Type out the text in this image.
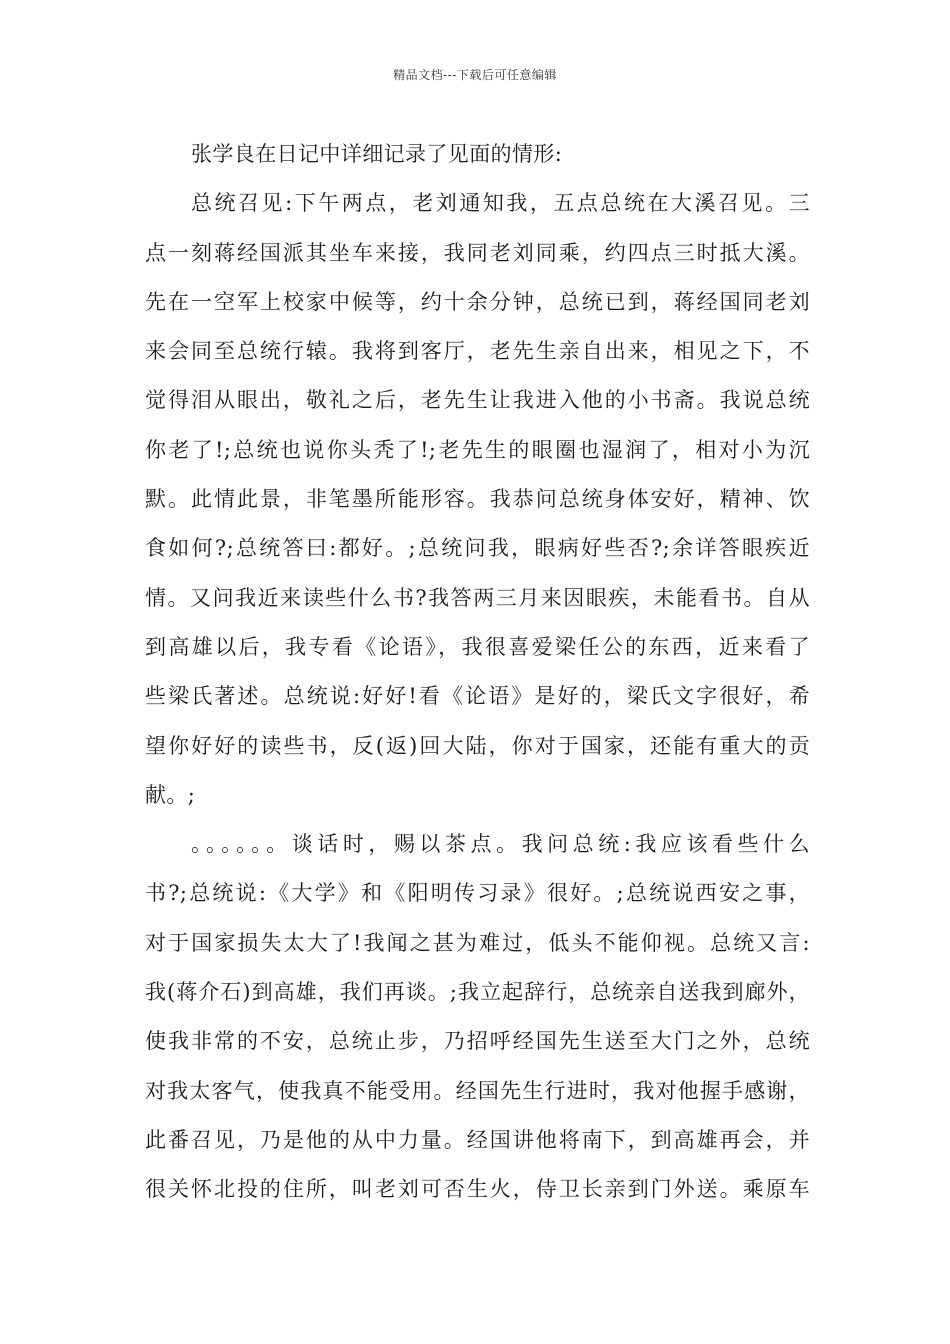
精品文档---下载后可任意编辑
张学良在日记中详细记录了见面的情形:
总统召见:下午两点，老刘通知我，五点总统在大溪召见。三
点一刻蒋经国派其坐车来接，我同老刘同乘，约四点三时抵大溪。
先在一空军上校家中候等，约十余分钟，总统已到，蒋经国同老刘
来会同至总统行辕。我将到客厅，老先生亲自出来，相见之下，不
觉得泪从眼出，敬礼之后，老先生让我进入他的小书斋。我说总统
你老了!;总统也说你头秃了!;老先生的眼圈也湿润了，相对小为沉
默。此情此景，非笔墨所能形容。我恭问总统身体安好，精神、饮
食如何?;总统答曰:都好。;总统问我，眼病好些否?;余详答眼疾近
情。又问我近来读些什么书?我答两三月来因眼疾，未能看书。自从
到高雄以后，我专看《论语》，我很喜爱梁任公的东西，近来看了
些梁氏著述。总统说:好好!看《论语》是好的，梁氏文字很好，希
望你好好的读些书，反(返)回大陆，你对于国家，还能有重大的贡
献。;
。。。。。。谈话时，赐以茶点。我问总统:我应该看些什么
书?;总统说:《大学》和《阳明传习录》很好。;总统说西安之事，
对于国家损失太大了!我闻之甚为难过，低头不能仰视。总统又言:
我(蒋介石)到高雄，我们再谈。;我立起辞行，总统亲自送我到廊外，
使我非常的不安，总统止步，乃招呼经国先生送至大门之外，总统
对我太客气，使我真不能受用。经国先生行进时，我对他握手感谢，
此番召见，乃是他的从中力量。经国讲他将南下，到高雄再会，并
很关怀北投的住所，叫老刘可否生火，侍卫长亲到门外送。乘原车
